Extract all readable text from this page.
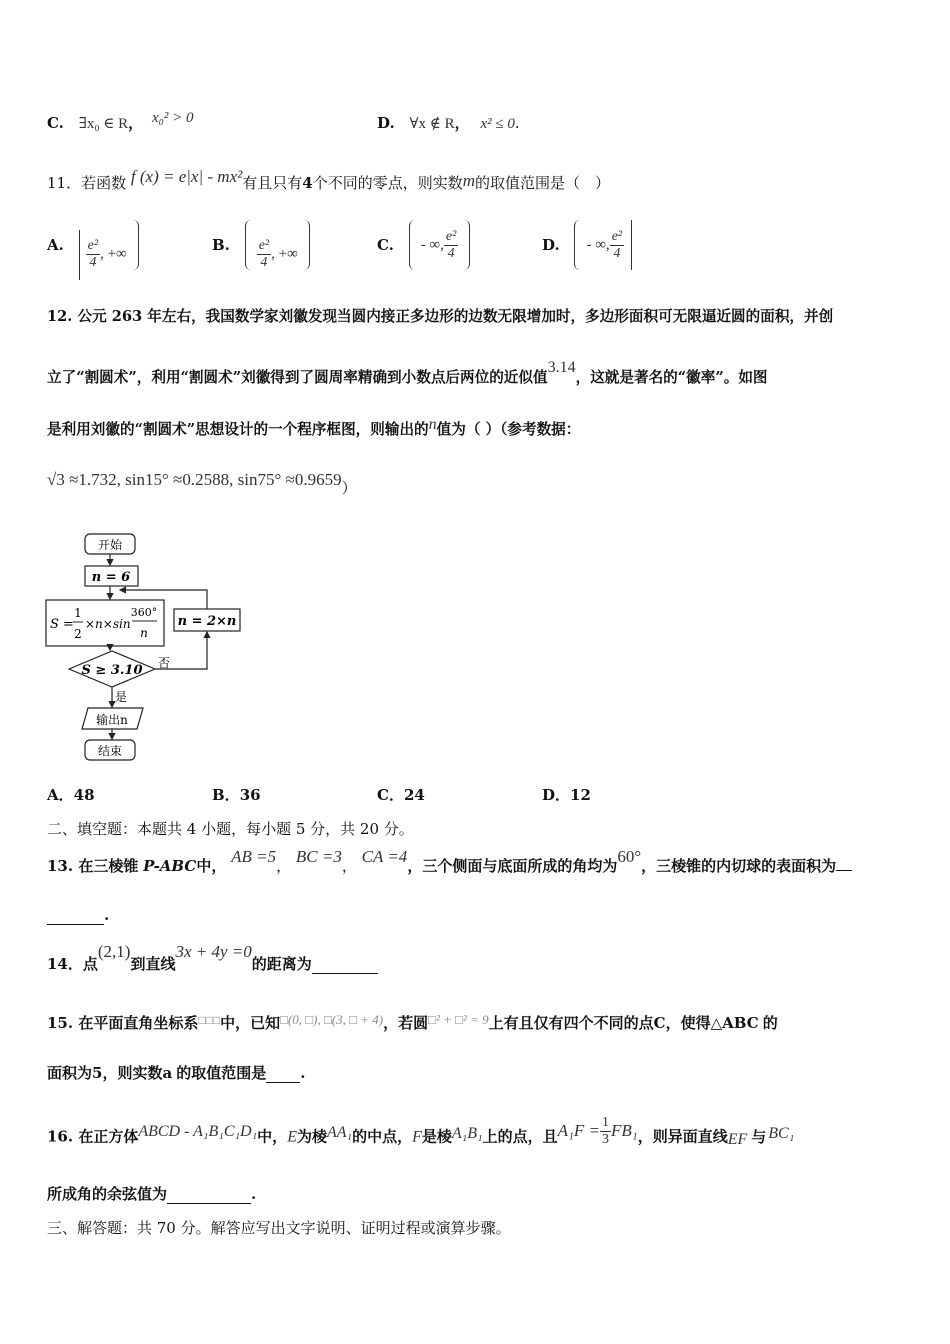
C. ∃x₀ ∈ R， x₀² > 0	D. ∀x ∉ R， x² ≤ 0.
11．若函数 f (x) = e|x| - mx²有且只有4个不同的零点，则实数m的取值范围是（　）
A. $\frac{\text{e²}}{4}$ , +∞	B. $\frac{\text{e²}}{4}$ , +∞	C. - ∞, $\frac{\text{e²}}{4}$	D. - ∞, $\frac{\text{e²}}{4}$
12. 公元 263 年左右，我国数学家刘徽发现当圆内接正多边形的边数无限增加时，多边形面积可无限逼近圆的面积，并创
立了“割圆术”，利用“割圆术”刘徽得到了圆周率精确到小数点后两位的近似值3.14，这就是著名的“徽率”。如图
是利用刘徽的“割圆术”思想设计的一个程序框图，则输出的n值为（ ）（参考数据：
√3 ≈1.732, sin15° ≈0.2588, sin75° ≈0.9659）
开始
n = 6
S =
1
2
×n×sin
360°
n
n = 2×n
S ≥ 3.10 否
是
输出n
结束
A．48	B．36	C．24	D．12
二、填空题：本题共 4 小题，每小题 5 分，共 20 分。
13. 在三棱锥 P-ABC中， AB =5， BC =3， CA =4，三个侧面与底面所成的角均为60°，三棱锥的内切球的表面积为
.
14．点(2,1)到直线3x + 4y =0的距离为
15. 在平面直角坐标系□□□中，已知□(0, □), □(3, □ + 4)，若圆□² + □² = 9上有且仅有四个不同的点C，使得△ABC 的
面积为5，则实数a 的取值范围是 .
16. 在正方体ABCD - A₁B₁C₁D₁中，E为棱AA₁的中点，F是棱A₁B₁上的点，且$A_1F = \frac{1}{3} FB_1$，则异面直线EF 与 BC₁
所成角的余弦值为	.
三、解答题：共 70 分。解答应写出文字说明、证明过程或演算步骤。
